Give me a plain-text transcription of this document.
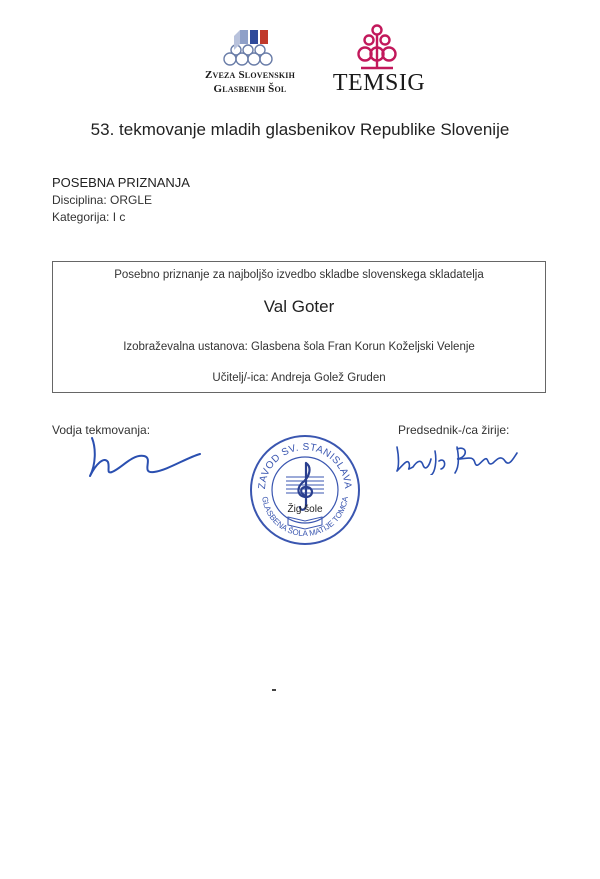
Zveza Slovenskih
Glasbenih Šol	TEMSIG
53. tekmovanje mladih glasbenikov Republike Slovenije
POSEBNA PRIZNANJA
Disciplina: ORGLE
Kategorija: I c
Posebno priznanje za najboljšo izvedbo skladbe slovenskega skladatelja
Val Goter
Izobraževalna ustanova: Glasbena šola Fran Korun Koželjski Velenje
Učitelj/-ica: Andreja Golež Gruden
Vodja tekmovanja:	Predsednik-/ca žirije:
ZAVOD SV. STANISLAVA
GLASBENA ŠOLA MATIJE TOMCA
Žig šole
